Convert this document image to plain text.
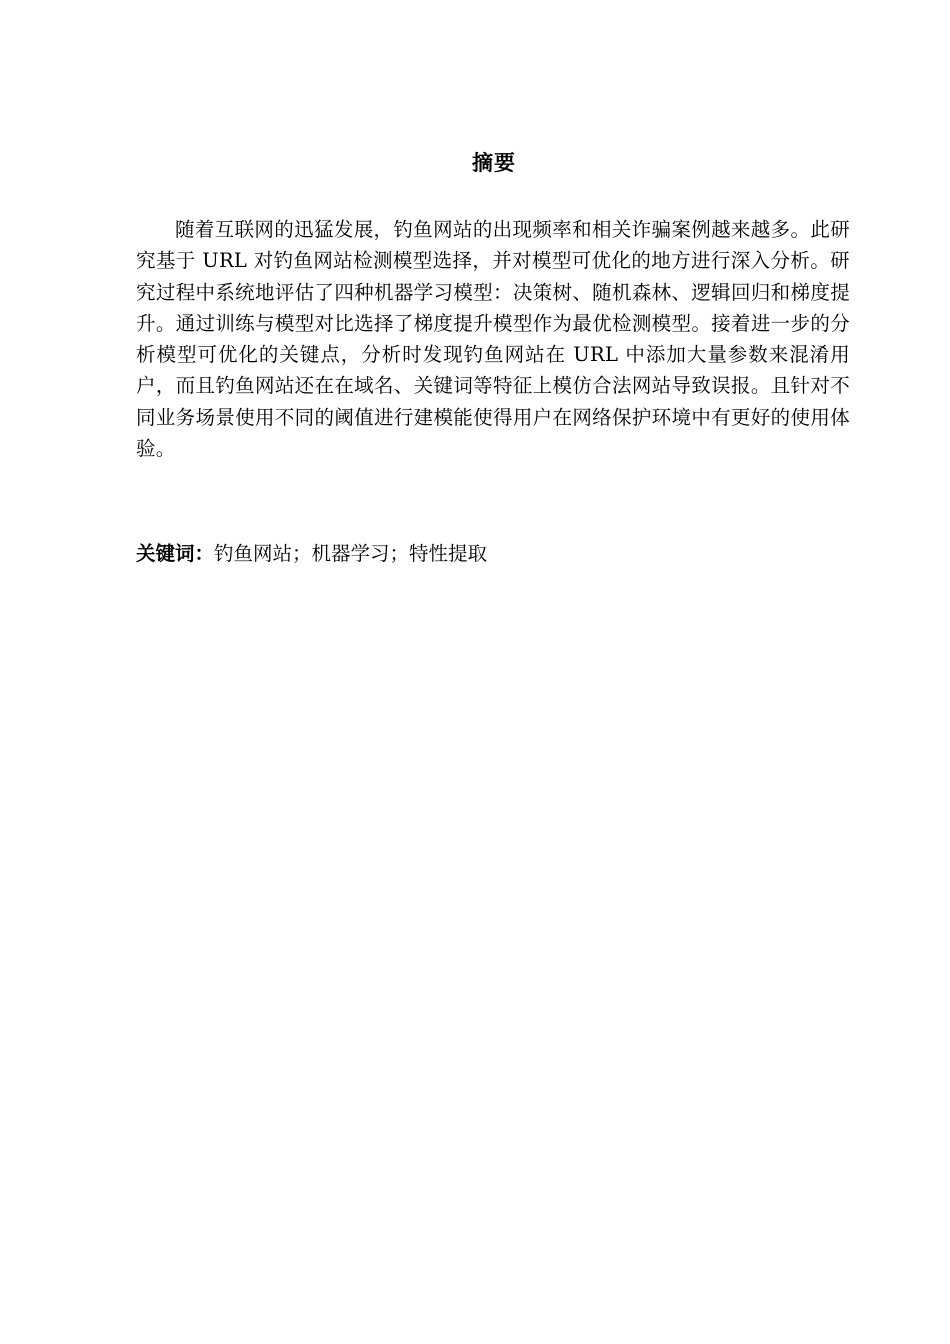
摘要

随着互联网的迅猛发展，钓鱼网站的出现频率和相关诈骗案例越来越多。此研究基于 URL 对钓鱼网站检测模型选择，并对模型可优化的地方进行深入分析。研究过程中系统地评估了四种机器学习模型：决策树、随机森林、逻辑回归和梯度提升。通过训练与模型对比选择了梯度提升模型作为最优检测模型。接着进一步的分析模型可优化的关键点，分析时发现钓鱼网站在 URL 中添加大量参数来混淆用户，而且钓鱼网站还在在域名、关键词等特征上模仿合法网站导致误报。且针对不同业务场景使用不同的阈值进行建模能使得用户在网络保护环境中有更好的使用体验。

关键词：钓鱼网站；机器学习；特性提取
